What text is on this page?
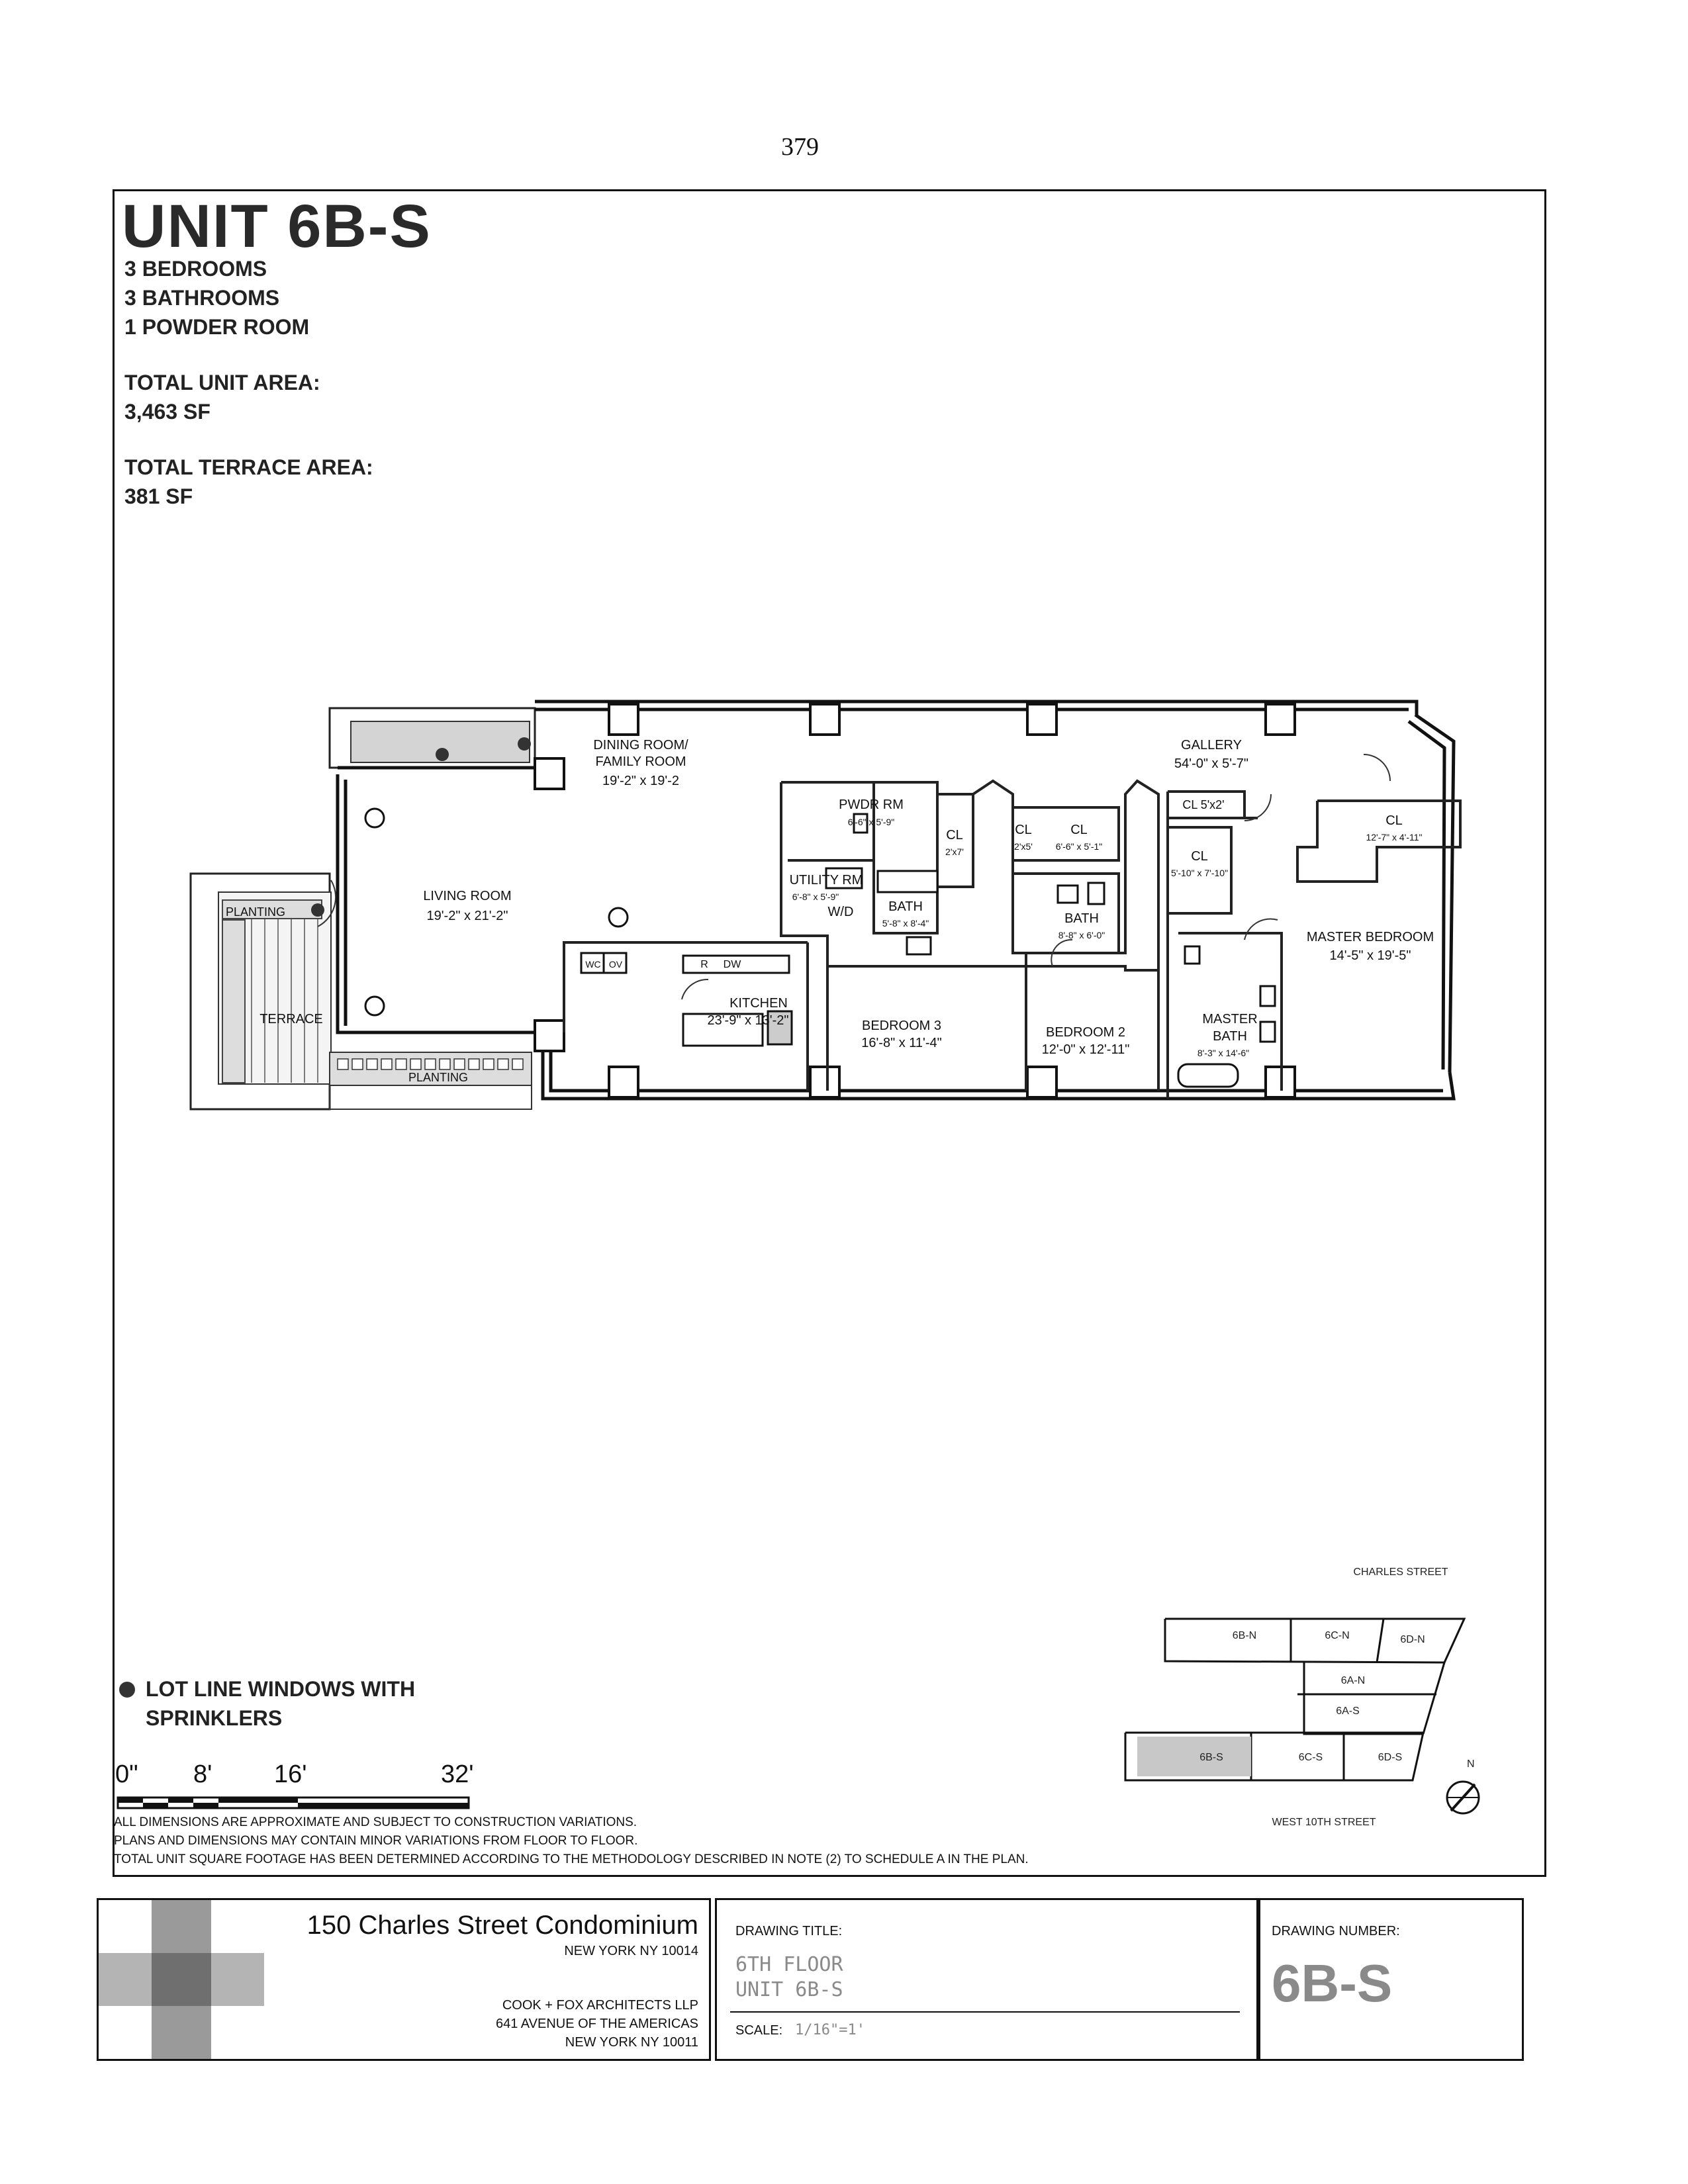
379
UNIT 6B-S
3 BEDROOMS
3 BATHROOMS
1 POWDER ROOM
TOTAL UNIT AREA:
3,463 SF
TOTAL TERRACE AREA:
381 SF
DINING ROOM/
FAMILY ROOM
19'-2" x 19'-2
GALLERY
54'-0" x 5'-7"
LIVING ROOM
19'-2" x 21'-2"
PLANTING
PLANTING
TERRACE
PWDR RM
6'-6" x 5'-9"
UTILITY RM
6'-8" x 5'-9"
W/D	BATH
5'-8" x 8'-4"
CL
2'x7'
CL
2'x5'
CL
6'-6" x 5'-1"
CL 5'x2'
CL
5'-10" x 7'-10"
CL
12'-7" x 4'-11"
KITCHEN
23'-9" x 13'-2"
R DW
WC OV
BEDROOM 3
16'-8" x 11'-4"
BATH
8'-8" x 6'-0"
BEDROOM 2
12'-0" x 12'-11"
MASTER BEDROOM
14'-5" x 19'-5"
MASTER
BATH
8'-3" x 14'-6"
CHARLES STREET
WEST 10TH STREET
6B-N	6C-N	6D-N
6A-N
6A-S
6B-S	6C-S	6D-S
N
LOT LINE WINDOWS WITH
SPRINKLERS
0" 8' 16'	32'
ALL DIMENSIONS ARE APPROXIMATE AND SUBJECT TO CONSTRUCTION VARIATIONS.
PLANS AND DIMENSIONS MAY CONTAIN MINOR VARIATIONS FROM FLOOR TO FLOOR.
TOTAL UNIT SQUARE FOOTAGE HAS BEEN DETERMINED ACCORDING TO THE METHODOLOGY DESCRIBED IN NOTE (2) TO SCHEDULE A IN THE PLAN.
150 Charles Street Condominium
NEW YORK NY 10014
COOK + FOX ARCHITECTS LLP
641 AVENUE OF THE AMERICAS
NEW YORK NY 10011
DRAWING TITLE:
6TH FLOOR
UNIT 6B-S
SCALE: 1/16"=1'
DRAWING NUMBER:
6B-S
